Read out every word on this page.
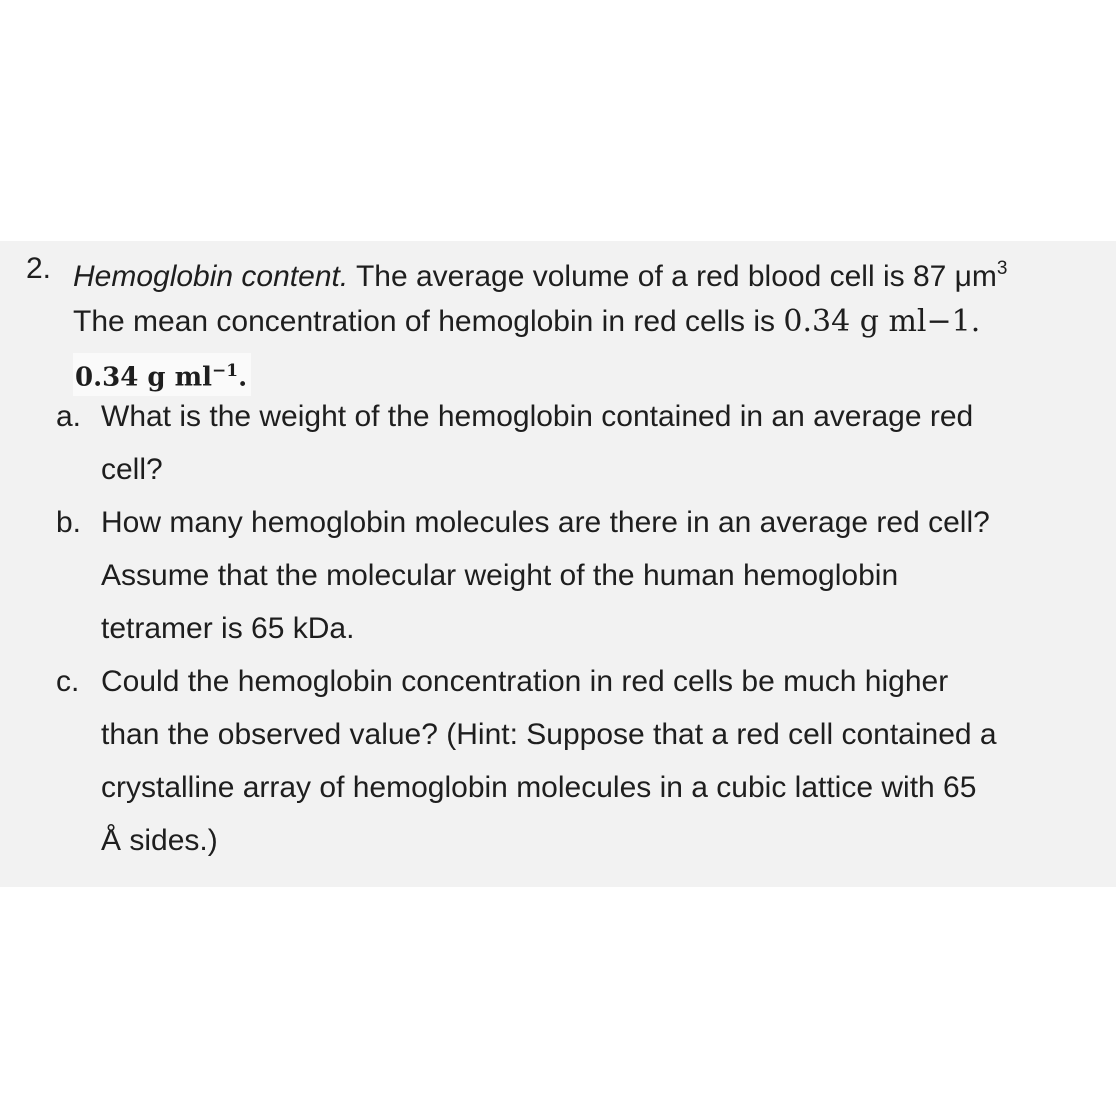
2. Hemoglobin content. The average volume of a red blood cell is 87 $\mu m^3$
The mean concentration of hemoglobin in red cells is 0.34 g ml−1.
0.34 g $ml^{-1}$.
a. What is the weight of the hemoglobin contained in an average red
cell?
b. How many hemoglobin molecules are there in an average red cell?
Assume that the molecular weight of the human hemoglobin
tetramer is 65 kDa.
c. Could the hemoglobin concentration in red cells be much higher
than the observed value? (Hint: Suppose that a red cell contained a
crystalline array of hemoglobin molecules in a cubic lattice with 65
Å sides.)
